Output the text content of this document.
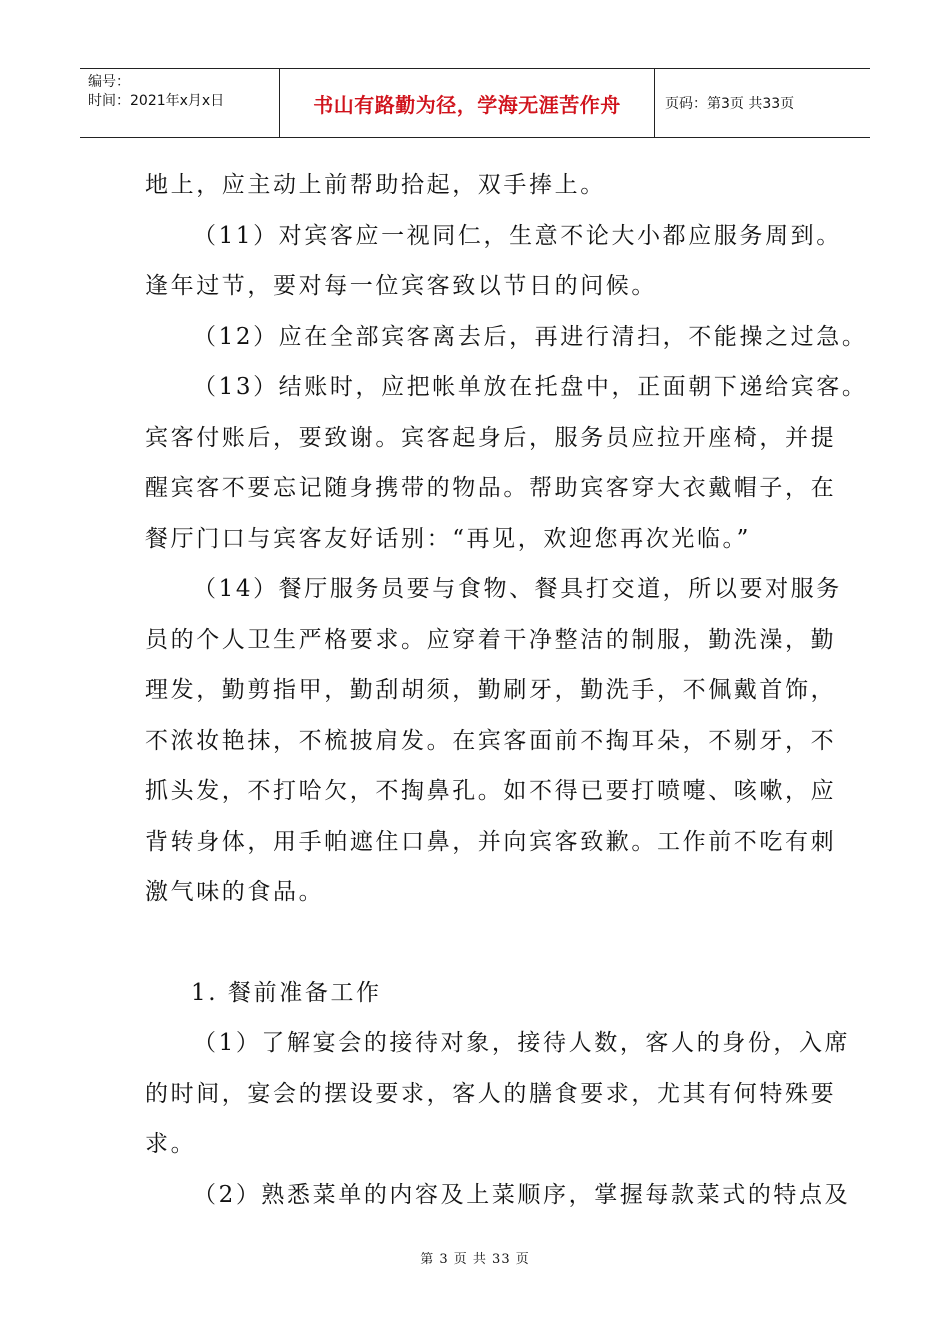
编号：
时间：2021年x月x日	书山有路勤为径，学海无涯苦作舟	页码：第3页 共33页
地上，应主动上前帮助拾起，双手捧上。
（11）对宾客应一视同仁，生意不论大小都应服务周到。
逢年过节，要对每一位宾客致以节日的问候。
（12）应在全部宾客离去后，再进行清扫，不能操之过急。
（13）结账时，应把帐单放在托盘中，正面朝下递给宾客。
宾客付账后，要致谢。宾客起身后，服务员应拉开座椅，并提
醒宾客不要忘记随身携带的物品。帮助宾客穿大衣戴帽子，在
餐厅门口与宾客友好话别：“再见，欢迎您再次光临。”
（14）餐厅服务员要与食物、餐具打交道，所以要对服务
员的个人卫生严格要求。应穿着干净整洁的制服，勤洗澡，勤
理发，勤剪指甲，勤刮胡须，勤刷牙，勤洗手，不佩戴首饰，
不浓妆艳抹，不梳披肩发。在宾客面前不掏耳朵，不剔牙，不
抓头发，不打哈欠，不掏鼻孔。如不得已要打喷嚏、咳嗽，应
背转身体，用手帕遮住口鼻，并向宾客致歉。工作前不吃有刺
激气味的食品。
1. 餐前准备工作
（1）了解宴会的接待对象，接待人数，客人的身份，入席
的时间，宴会的摆设要求，客人的膳食要求，尤其有何特殊要
求。
（2）熟悉菜单的内容及上菜顺序，掌握每款菜式的特点及
第 3 页 共 33 页
